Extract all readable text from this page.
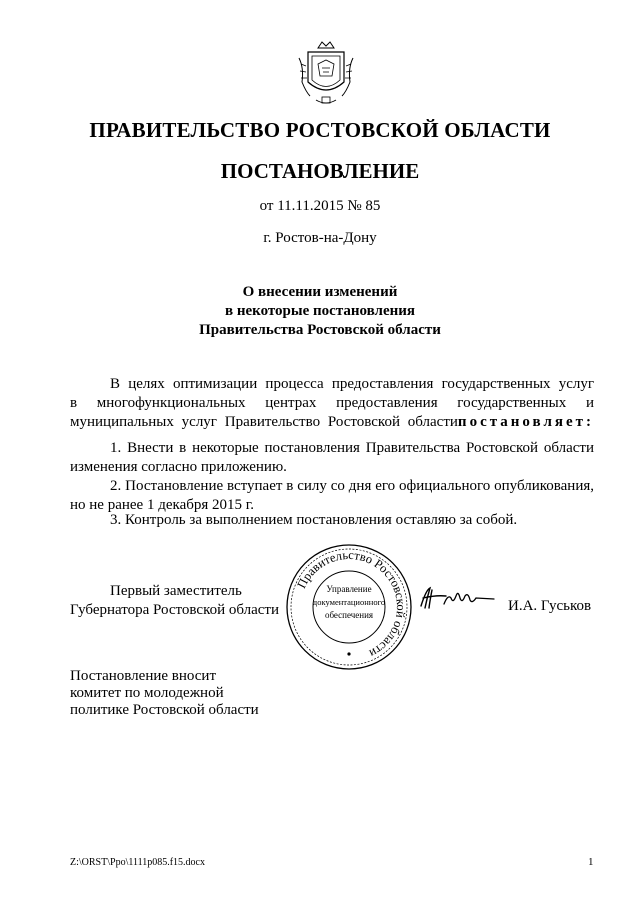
ПРАВИТЕЛЬСТВО РОСТОВСКОЙ ОБЛАСТИ
ПОСТАНОВЛЕНИЕ
от 11.11.2015 № 85
г. Ростов-на-Дону
О внесении изменений
в некоторые постановления
Правительства Ростовской области
В целях оптимизации процесса предоставления государственных услуг
в многофункциональных центрах предоставления государственных и
муниципальных услуг Правительство Ростовской областипостановляет:
1. Внести в некоторые постановления Правительства Ростовской области
изменения согласно приложению.
2. Постановление вступает в силу со дня его официального опубликования,
но не ранее 1 декабря 2015 г.
3. Контроль за выполнением постановления оставляю за собой.
Первый заместитель
Губернатора Ростовской области
Правительство Ростовской области
Управление
документационного
обеспечения
И.А. Гуськов
Постановление вносит
комитет по молодежной
политике Ростовской области
Z:\ORST\Ppo\1111p085.f15.docx	1
